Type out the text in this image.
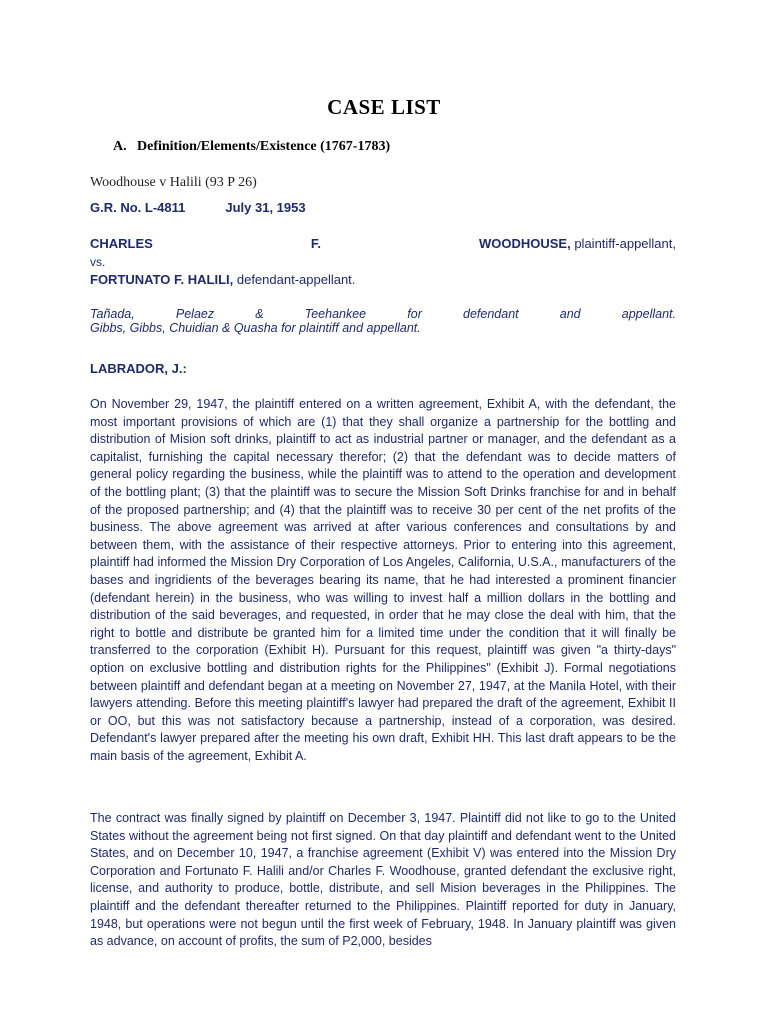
CASE LIST
A. Definition/Elements/Existence (1767-1783)
Woodhouse v Halili (93 P 26)
G.R. No. L-4811	July 31, 1953
CHARLES	F.	WOODHOUSE, plaintiff-appellant,
vs.
FORTUNATO F. HALILI, defendant-appellant.
Tañada,	Pelaez	&	Teehankee	for	defendant	and	appellant.
Gibbs, Gibbs, Chuidian & Quasha for plaintiff and appellant.
LABRADOR, J.:
On November 29, 1947, the plaintiff entered on a written agreement, Exhibit A, with the defendant, the most important provisions of which are (1) that they shall organize a partnership for the bottling and distribution of Mision soft drinks, plaintiff to act as industrial partner or manager, and the defendant as a capitalist, furnishing the capital necessary therefor; (2) that the defendant was to decide matters of general policy regarding the business, while the plaintiff was to attend to the operation and development of the bottling plant; (3) that the plaintiff was to secure the Mission Soft Drinks franchise for and in behalf of the proposed partnership; and (4) that the plaintiff was to receive 30 per cent of the net profits of the business. The above agreement was arrived at after various conferences and consultations by and between them, with the assistance of their respective attorneys. Prior to entering into this agreement, plaintiff had informed the Mission Dry Corporation of Los Angeles, California, U.S.A., manufacturers of the bases and ingridients of the beverages bearing its name, that he had interested a prominent financier (defendant herein) in the business, who was willing to invest half a million dollars in the bottling and distribution of the said beverages, and requested, in order that he may close the deal with him, that the right to bottle and distribute be granted him for a limited time under the condition that it will finally be transferred to the corporation (Exhibit H). Pursuant for this request, plaintiff was given "a thirty-days" option on exclusive bottling and distribution rights for the Philippines" (Exhibit J). Formal negotiations between plaintiff and defendant began at a meeting on November 27, 1947, at the Manila Hotel, with their lawyers attending. Before this meeting plaintiff's lawyer had prepared the draft of the agreement, Exhibit II or OO, but this was not satisfactory because a partnership, instead of a corporation, was desired. Defendant's lawyer prepared after the meeting his own draft, Exhibit HH. This last draft appears to be the main basis of the agreement, Exhibit A.
The contract was finally signed by plaintiff on December 3, 1947. Plaintiff did not like to go to the United States without the agreement being not first signed. On that day plaintiff and defendant went to the United States, and on December 10, 1947, a franchise agreement (Exhibit V) was entered into the Mission Dry Corporation and Fortunato F. Halili and/or Charles F. Woodhouse, granted defendant the exclusive right, license, and authority to produce, bottle, distribute, and sell Mision beverages in the Philippines. The plaintiff and the defendant thereafter returned to the Philippines. Plaintiff reported for duty in January, 1948, but operations were not begun until the first week of February, 1948. In January plaintiff was given as advance, on account of profits, the sum of P2,000, besides
